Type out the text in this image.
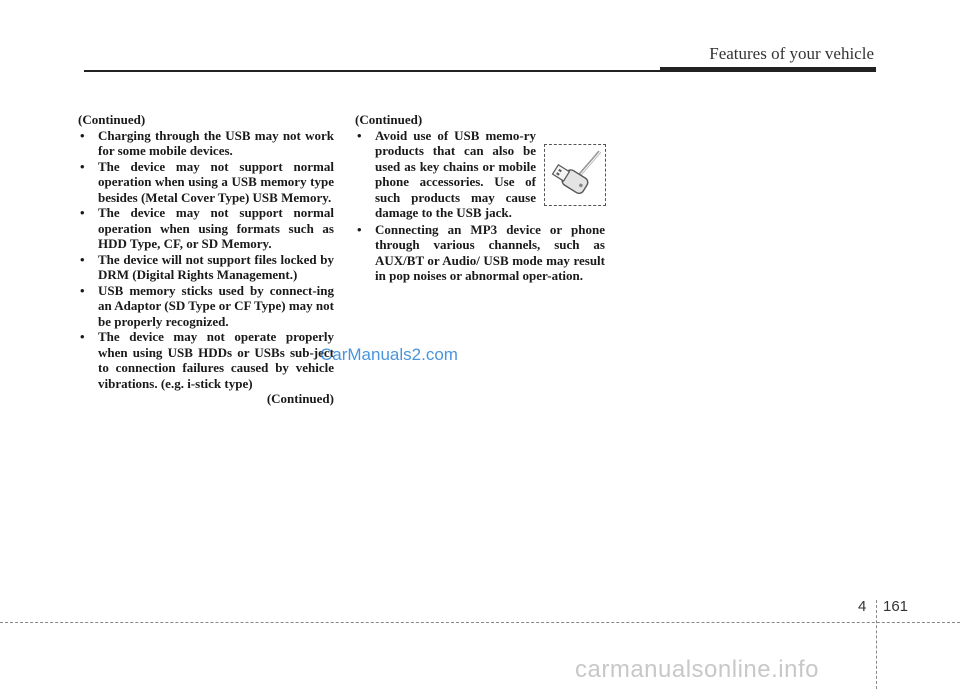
Features of your vehicle

(Continued)

• Charging through the USB may not work for some mobile devices.
• The device may not support normal operation when using a USB memory type besides (Metal Cover Type) USB Memory.
• The device may not support normal operation when using formats such as HDD Type, CF, or SD Memory.
• The device will not support files locked by DRM (Digital Rights Management.)
• USB memory sticks used by connect-ing an Adaptor (SD Type or CF Type) may not be properly recognized.
• The device may not operate properly when using USB HDDs or USBs sub-ject to connection failures caused by vehicle vibrations. (e.g. i-stick type)

(Continued)

(Continued)

• Avoid use of USB memo-ry products that can also be used as key chains or mobile phone accessories. Use of such products may cause damage to the USB jack.
• Connecting an MP3 device or phone through various channels, such as AUX/BT or Audio/ USB mode may result in pop noises or abnormal oper-ation.
CarManuals2.com
4 161
carmanualsonline.info
